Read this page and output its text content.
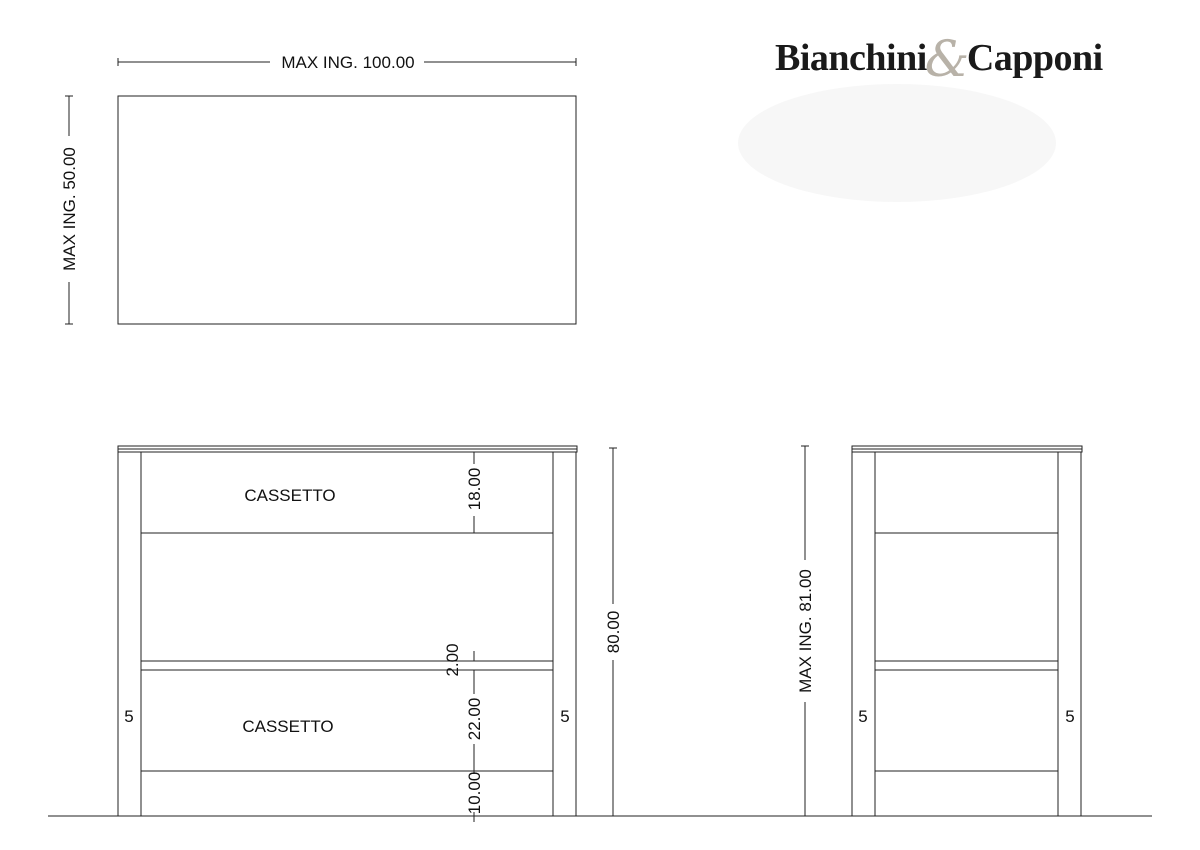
Bianchini&Capponi
MAX ING. 100.00
MAX ING. 50.00
CASSETTO
CASSETTO
5	5
18.00
2.00
22.00
10.00
80.00
5	5
MAX ING. 81.00
